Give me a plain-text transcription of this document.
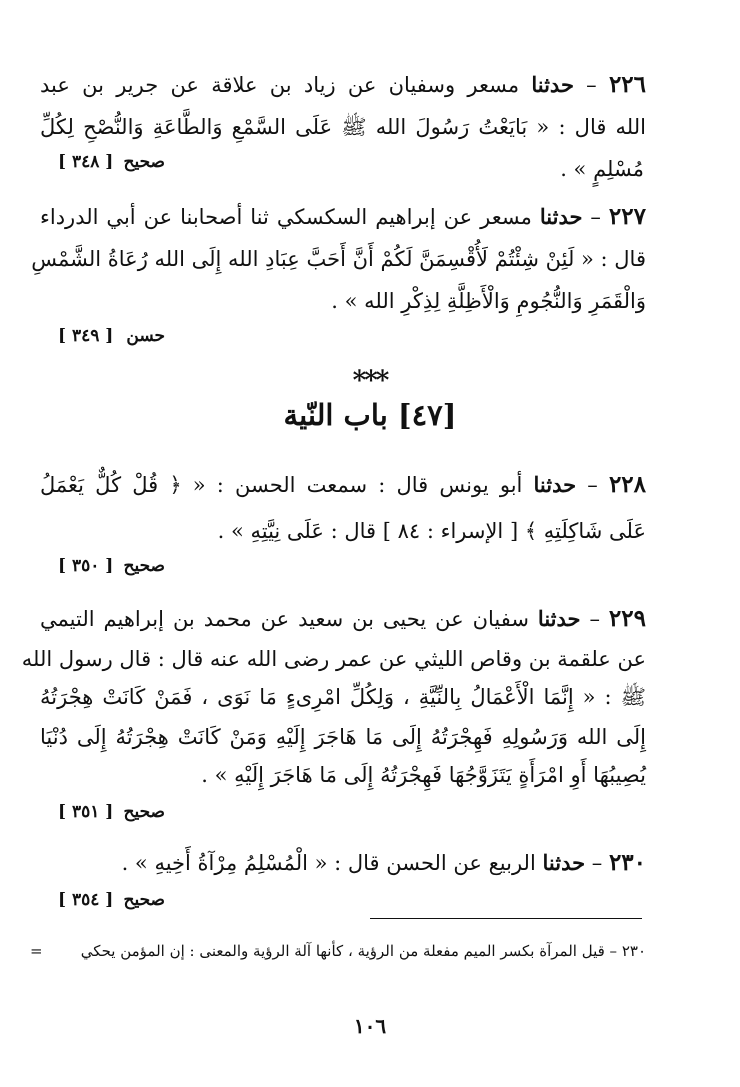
٢٢٦ – حدثنا مسعر وسفيان عن زياد بن علاقة عن جرير بن عبد
الله قال : « بَايَعْتُ رَسُولَ الله ﷺ عَلَى السَّمْعِ وَالطَّاعَةِ وَالنُّصْحِ لِكُلِّ
مُسْلِمٍ » .
صحيح
[ ٣٤٨ ]
٢٢٧ – حدثنا مسعر عن إبراهيم السكسكي ثنا أصحابنا عن أبي الدرداء
قال : « لَئِنْ شِئْتُمْ لَأُقْسِمَنَّ لَكُمْ أَنَّ أَحَبَّ عِبَادِ الله إِلَى الله رُعَاةُ الشَّمْسِ
وَالْقَمَرِ وَالنُّجُومِ وَالْأَظِلَّةِ لِذِكْرِ الله » .
حسن
[ ٣٤٩ ]
***
[٤٧] باب النّية
٢٢٨ – حدثنا أبو يونس قال : سمعت الحسن : « ﴿ قُلْ كُلٌّ يَعْمَلُ
عَلَى شَاكِلَتِهِ ﴾ [ الإسراء : ٨٤ ] قال : عَلَى نِيَّتِهِ » .
صحيح
[ ٣٥٠ ]
٢٢٩ – حدثنا سفيان عن يحيى بن سعيد عن محمد بن إبراهيم التيمي
عن علقمة بن وقاص الليثي عن عمر رضى الله عنه قال : قال رسول الله
ﷺ : « إِنَّمَا الْأَعْمَالُ بِالنِّيَّةِ ، وَلِكُلِّ امْرِىءٍ مَا نَوَى ، فَمَنْ كَانَتْ هِجْرَتُهُ
إِلَى الله وَرَسُولِهِ فَهِجْرَتُهُ إِلَى مَا هَاجَرَ إِلَيْهِ وَمَنْ كَانَتْ هِجْرَتُهُ إِلَى دُنْيَا
يُصِيبُهَا أَوِ امْرَأَةٍ يَتَزَوَّجُهَا فَهِجْرَتُهُ إِلَى مَا هَاجَرَ إِلَيْهِ » .
صحيح
[ ٣٥١ ]
٢٣٠ – حدثنا الربيع عن الحسن قال : « الْمُسْلِمُ مِرْآةُ أَخِيهِ » .
صحيح
[ ٣٥٤ ]
٢٣٠ – قيل المرآة بكسر الميم مفعلة من الرؤية ، كأنها آلة الرؤية والمعنى : إن المؤمن يحكي
=
١٠٦
